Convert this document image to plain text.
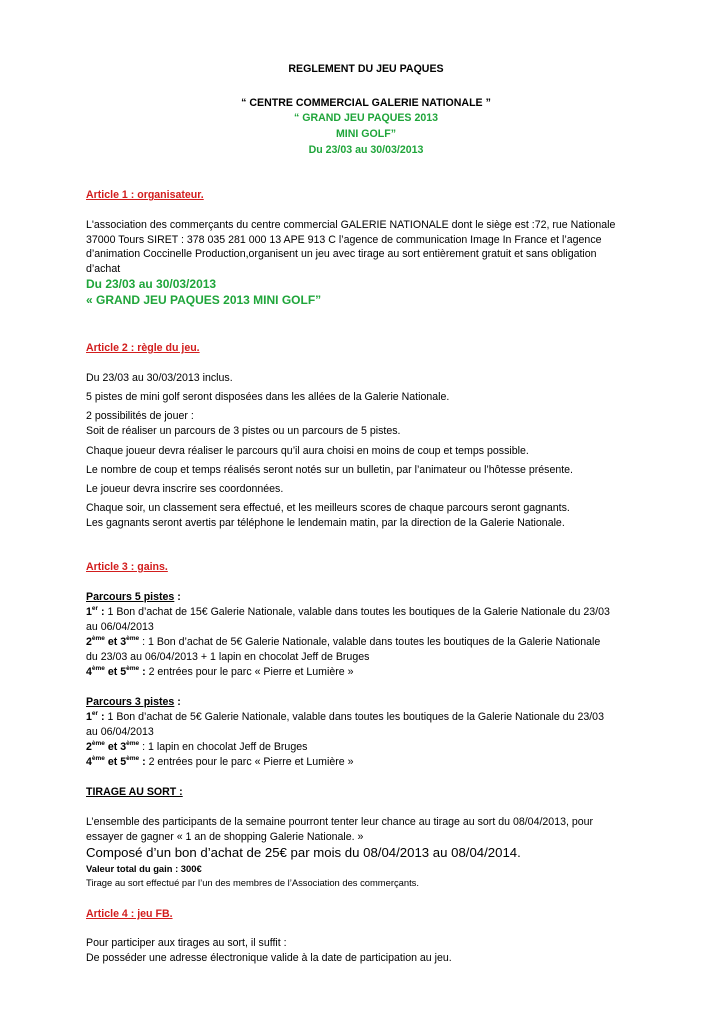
REGLEMENT DU JEU PAQUES
“ CENTRE COMMERCIAL GALERIE NATIONALE ”
“ GRAND JEU PAQUES 2013
MINI GOLF”
Du 23/03 au 30/03/2013
Article 1 : organisateur.

L'association des commerçants du centre commercial GALERIE NATIONALE dont le siège est :72, rue Nationale

37000 Tours SIRET : 378 035 281 000 13 APE 913 C l’agence de communication Image In France et l’agence

d’animation Coccinelle Production,organisent un jeu avec tirage au sort entièrement gratuit et sans obligation

d’achat

Du 23/03 au 30/03/2013
« GRAND JEU PAQUES 2013 MINI GOLF”
Article 2 : règle du jeu.
Du 23/03 au 30/03/2013 inclus.
5 pistes de mini golf seront disposées dans les allées de la Galerie Nationale.
2 possibilités de jouer :
Soit de réaliser un parcours de 3 pistes ou un parcours de 5 pistes.
Chaque joueur devra réaliser le parcours qu’il aura choisi en moins de coup et temps possible.
Le nombre de coup et temps réalisés seront notés sur un bulletin, par l’animateur ou l’hôtesse présente.
Le joueur devra inscrire ses coordonnées.
Chaque soir, un classement sera effectué, et les meilleurs scores de chaque parcours seront gagnants.
Les gagnants seront avertis par téléphone le lendemain matin, par la direction de la Galerie Nationale.
Article 3 : gains.
Parcours 5 pistes :

1er : 1 Bon d’achat de 15€ Galerie Nationale, valable dans toutes les boutiques de la Galerie Nationale du 23/03

au 06/04/2013

2ème et 3ème : 1 Bon d’achat de 5€ Galerie Nationale, valable dans toutes les boutiques de la Galerie Nationale

du 23/03 au 06/04/2013 + 1 lapin en chocolat Jeff de Bruges

4ème et 5ème : 2 entrées pour le parc « Pierre et Lumière »
Parcours 3 pistes :

1er : 1 Bon d’achat de 5€ Galerie Nationale, valable dans toutes les boutiques de la Galerie Nationale du 23/03

au 06/04/2013

2ème et 3ème : 1 lapin en chocolat Jeff de Bruges
4ème et 5ème : 2 entrées pour le parc « Pierre et Lumière »
TIRAGE AU SORT :

L’ensemble des participants de la semaine pourront tenter leur chance au tirage au sort du 08/04/2013, pour

essayer de gagner « 1 an de shopping Galerie Nationale. »

Composé d’un bon d’achat de 25€ par mois du 08/04/2013 au 08/04/2014.
Valeur total du gain : 300€
Tirage au sort effectué par l’un des membres de l’Association des commerçants.
Article 4 : jeu FB.
Pour participer aux tirages au sort, il suffit :
De posséder une adresse électronique valide à la date de participation au jeu.
